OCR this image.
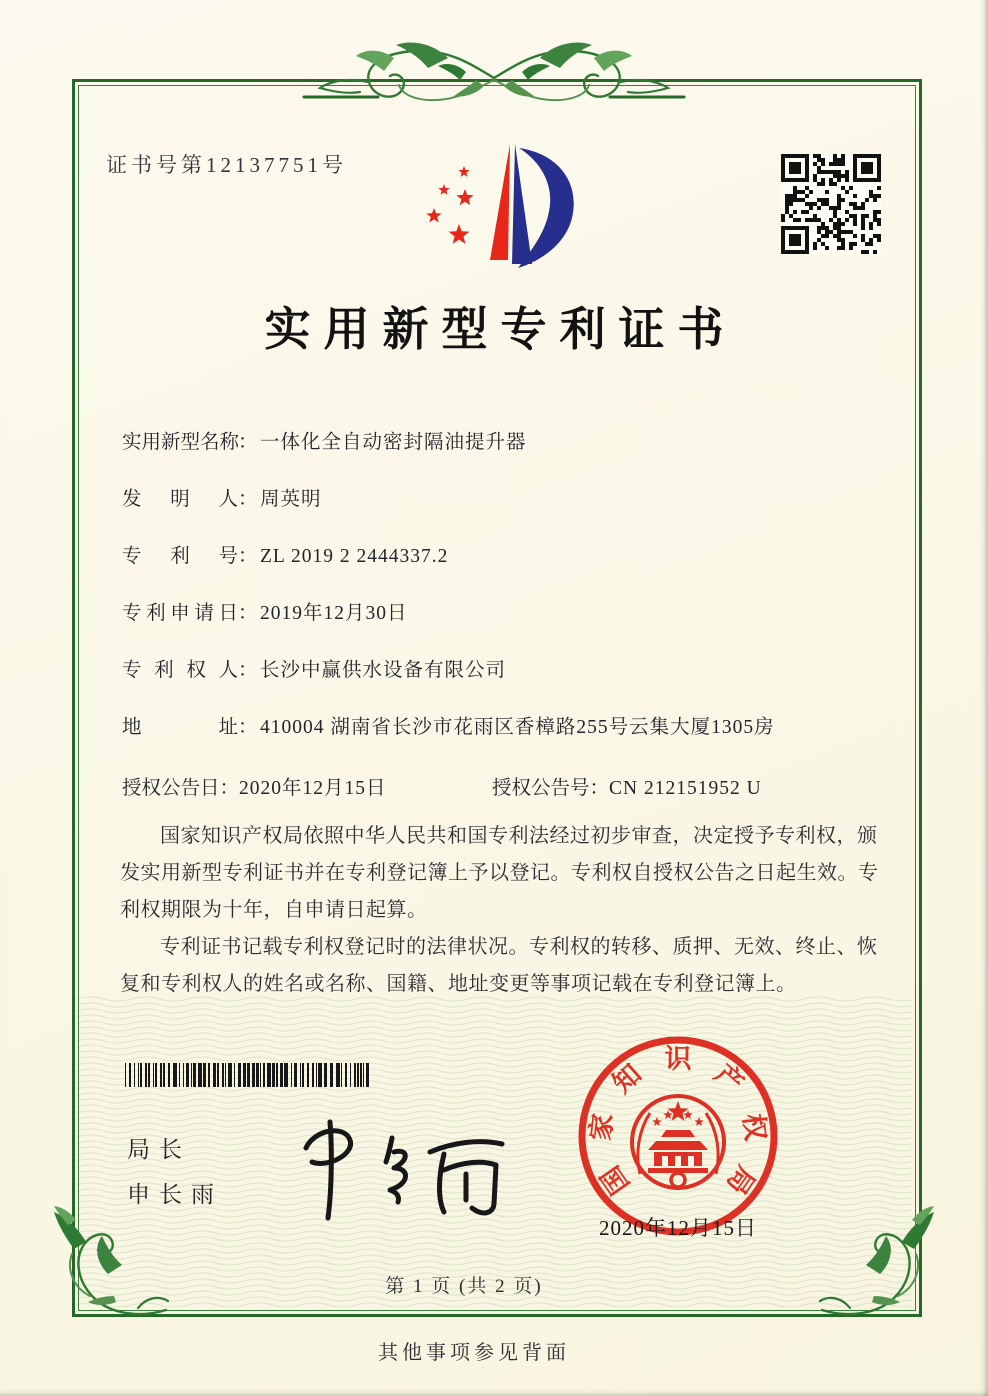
证书号第12137751号
实用新型专利证书
实用新型名称
： 一体化全自动密封隔油提升器
发明人 ： 周英明
专利号 ： ZL 2019 2 2444337.2
专利申请日 ： 2019年12月30日
专利权人 ： 长沙中赢供水设备有限公司
地址 ： 410004 湖南省长沙市花雨区香樟路255号云集大厦1305房
授权公告日：2020年12月15日	授权公告号：CN 212151952 U

国家知识产权局依照中华人民共和国专利法经过初步审查，决定授予专利权，颁发实用新型专利证书并在专利登记簿上予以登记。专利权自授权公告之日起生效。专利权期限为十年，自申请日起算。

专利证书记载专利权登记时的法律状况。专利权的转移、质押、无效、终止、恢复和专利权人的姓名或名称、国籍、地址变更等事项记载在专利登记簿上。

局长
申长雨	国
家
知 识 产
权
局
2020年12月15日
第 1 页 (共 2 页)
其他事项参见背面
